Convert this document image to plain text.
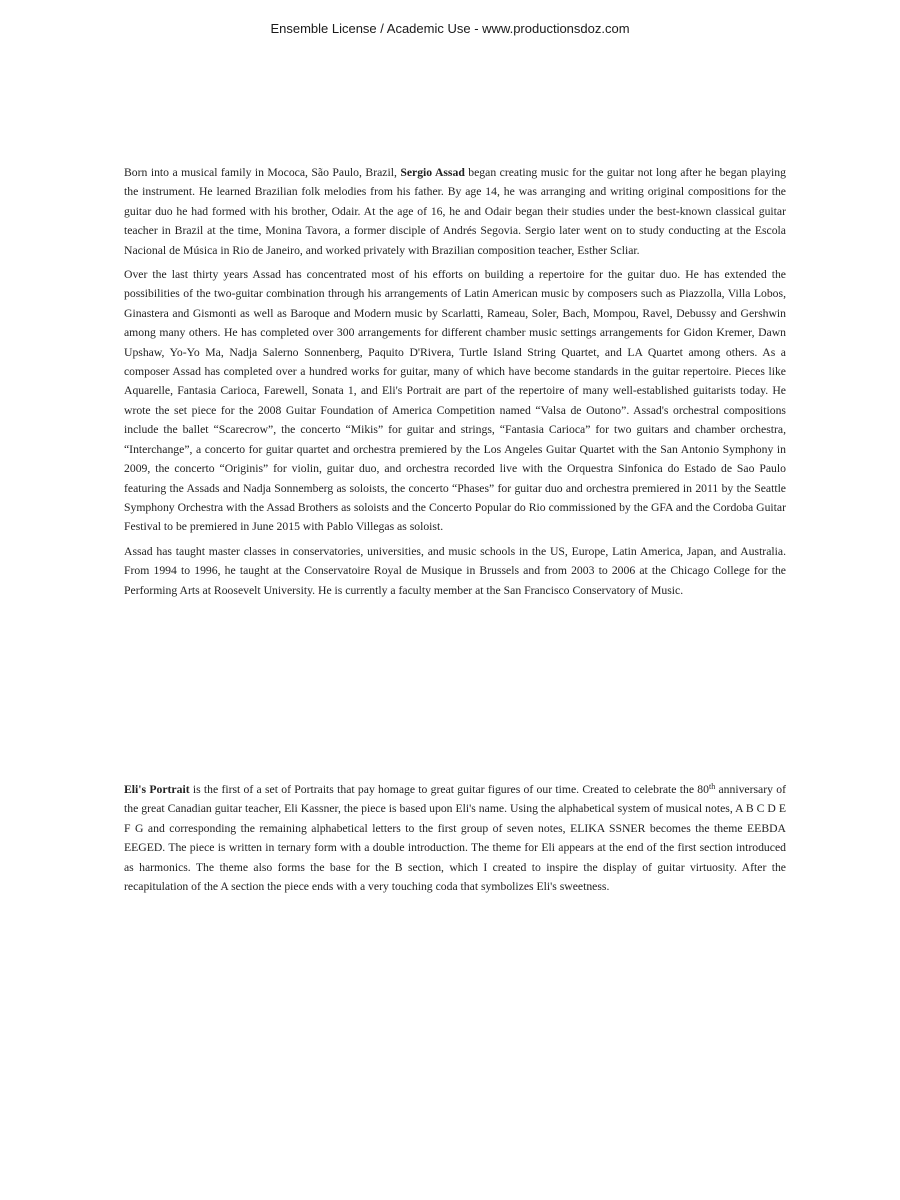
Ensemble License / Academic Use - www.productionsdoz.com

Born into a musical family in Mococa, São Paulo, Brazil, Sergio Assad began creating music for the guitar not long after he began playing the instrument. He learned Brazilian folk melodies from his father. By age 14, he was arranging and writing original compositions for the guitar duo he had formed with his brother, Odair. At the age of 16, he and Odair began their studies under the best-known classical guitar teacher in Brazil at the time, Monina Tavora, a former disciple of Andrés Segovia. Sergio later went on to study conducting at the Escola Nacional de Música in Rio de Janeiro, and worked privately with Brazilian composition teacher, Esther Scliar.

Over the last thirty years Assad has concentrated most of his efforts on building a repertoire for the guitar duo. He has extended the possibilities of the two-guitar combination through his arrangements of Latin American music by composers such as Piazzolla, Villa Lobos, Ginastera and Gismonti as well as Baroque and Modern music by Scarlatti, Rameau, Soler, Bach, Mompou, Ravel, Debussy and Gershwin among many others. He has completed over 300 arrangements for different chamber music settings arrangements for Gidon Kremer, Dawn Upshaw, Yo-Yo Ma, Nadja Salerno Sonnenberg, Paquito D'Rivera, Turtle Island String Quartet, and LA Quartet among others. As a composer Assad has completed over a hundred works for guitar, many of which have become standards in the guitar repertoire. Pieces like Aquarelle, Fantasia Carioca, Farewell, Sonata 1, and Eli's Portrait are part of the repertoire of many well-established guitarists today. He wrote the set piece for the 2008 Guitar Foundation of America Competition named “Valsa de Outono”. Assad's orchestral compositions include the ballet “Scarecrow”, the concerto “Mikis” for guitar and strings, “Fantasia Carioca” for two guitars and chamber orchestra, “Interchange”, a concerto for guitar quartet and orchestra premiered by the Los Angeles Guitar Quartet with the San Antonio Symphony in 2009, the concerto “Originis” for violin, guitar duo, and orchestra recorded live with the Orquestra Sinfonica do Estado de Sao Paulo featuring the Assads and Nadja Sonnemberg as soloists, the concerto “Phases” for guitar duo and orchestra premiered in 2011 by the Seattle Symphony Orchestra with the Assad Brothers as soloists and the Concerto Popular do Rio commissioned by the GFA and the Cordoba Guitar Festival to be premiered in June 2015 with Pablo Villegas as soloist.

Assad has taught master classes in conservatories, universities, and music schools in the US, Europe, Latin America, Japan, and Australia. From 1994 to 1996, he taught at the Conservatoire Royal de Musique in Brussels and from 2003 to 2006 at the Chicago College for the Performing Arts at Roosevelt University. He is currently a faculty member at the San Francisco Conservatory of Music.

Eli's Portrait is the first of a set of Portraits that pay homage to great guitar figures of our time. Created to celebrate the 80th anniversary of the great Canadian guitar teacher, Eli Kassner, the piece is based upon Eli's name. Using the alphabetical system of musical notes, A B C D E F G and corresponding the remaining alphabetical letters to the first group of seven notes, ELIKA SSNER becomes the theme EEBDA EEGED. The piece is written in ternary form with a double introduction. The theme for Eli appears at the end of the first section introduced as harmonics. The theme also forms the base for the B section, which I created to inspire the display of guitar virtuosity. After the recapitulation of the A section the piece ends with a very touching coda that symbolizes Eli's sweetness.
